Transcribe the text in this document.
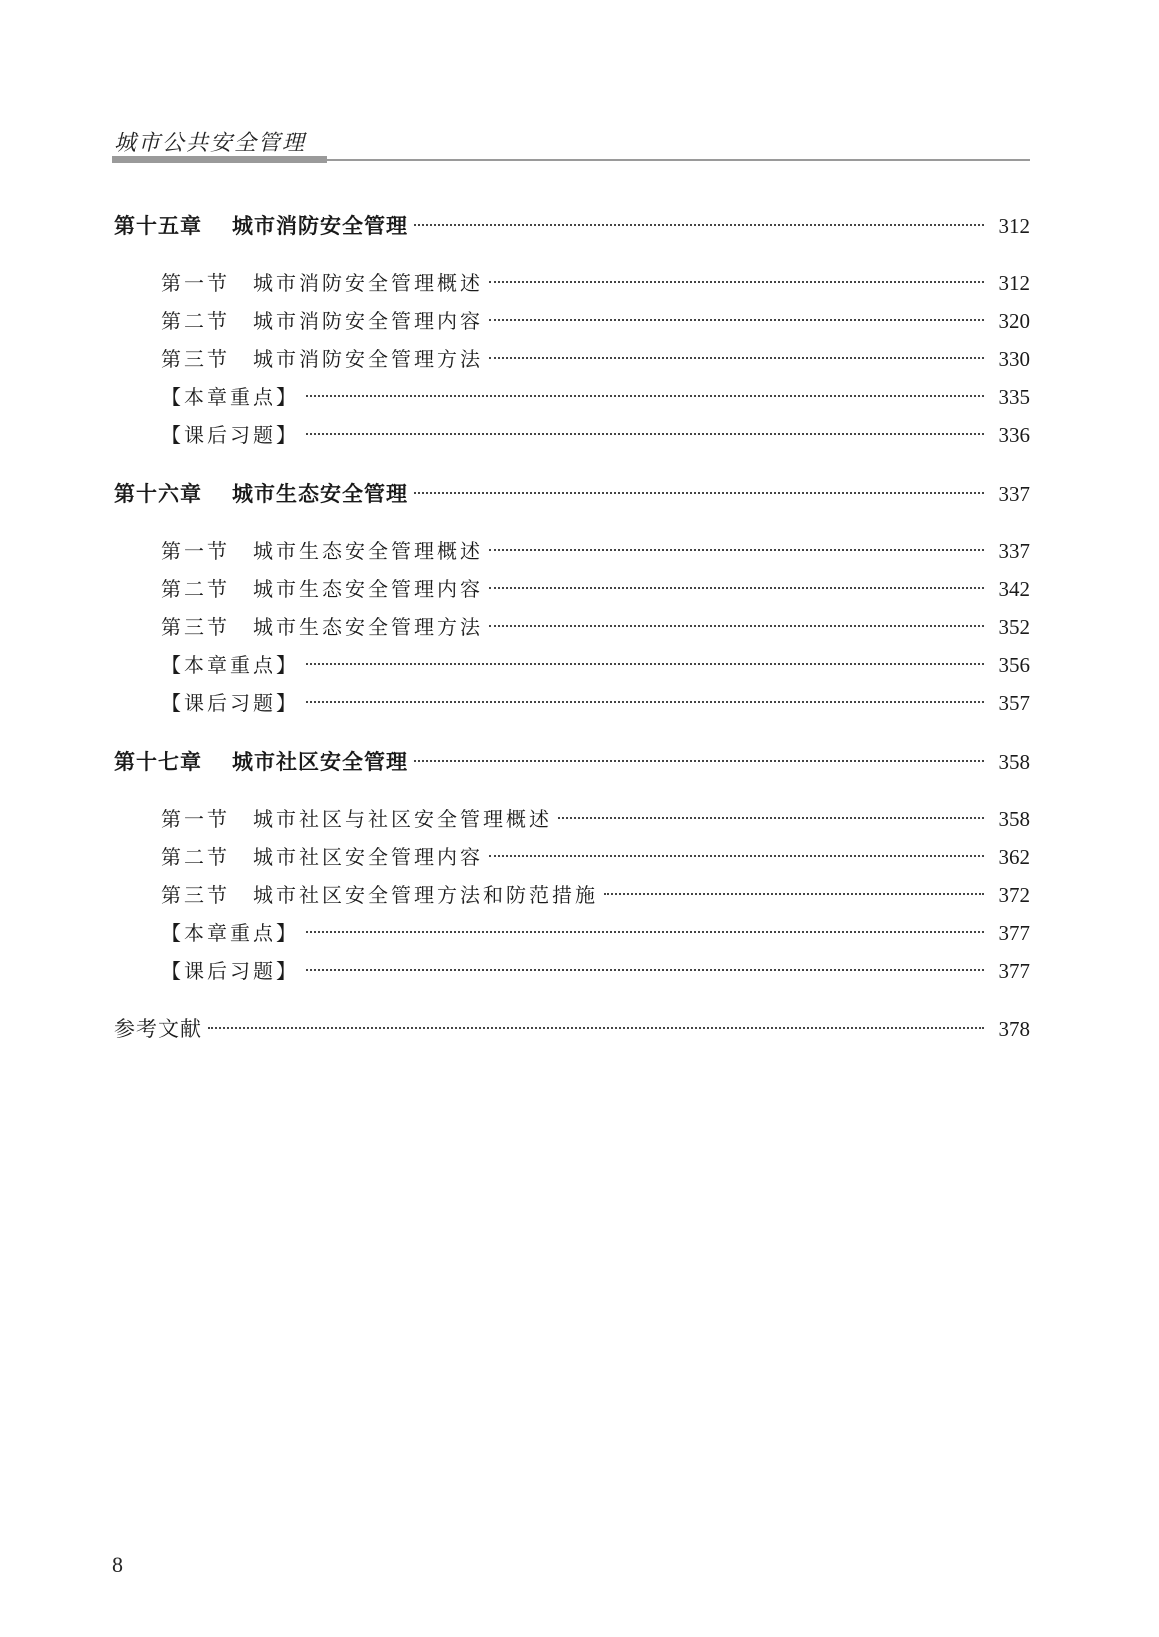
城市公共安全管理
第十五章 城市消防安全管理	312
第一节 城市消防安全管理概述	312
第二节 城市消防安全管理内容	320
第三节 城市消防安全管理方法	330
【本章重点】	335
【课后习题】	336
第十六章 城市生态安全管理	337
第一节 城市生态安全管理概述	337
第二节 城市生态安全管理内容	342
第三节 城市生态安全管理方法	352
【本章重点】	356
【课后习题】	357
第十七章 城市社区安全管理	358
第一节 城市社区与社区安全管理概述	358
第二节 城市社区安全管理内容	362
第三节 城市社区安全管理方法和防范措施	372
【本章重点】	377
【课后习题】	377
参考文献	378
8
